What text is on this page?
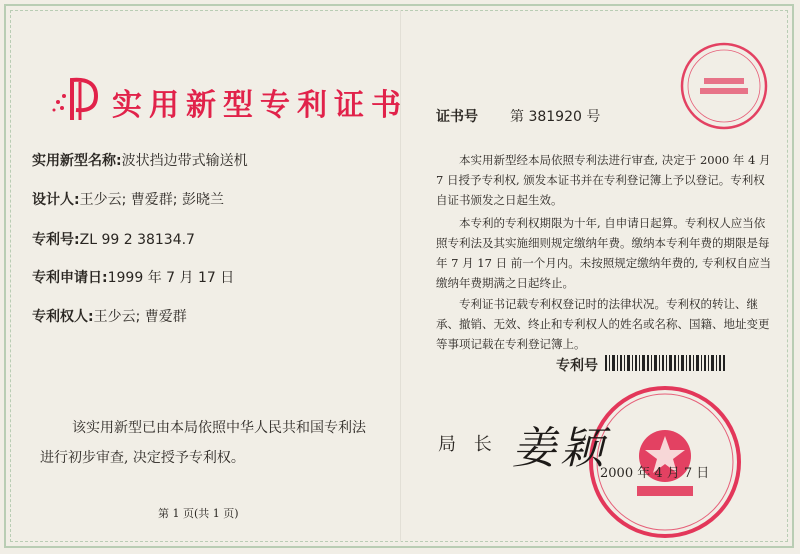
实用新型专利证书
实用新型名称:波状挡边带式输送机
设计人:王少云; 曹爱群; 彭晓兰
专利号:ZL 99 2 38134.7
专利申请日:1999 年 7 月 17 日
专利权人:王少云; 曹爱群
该实用新型已由本局依照中华人民共和国专利法
进行初步审查, 决定授予专利权。
第 1 页(共 1 页)
证书号 第 381920 号
本实用新型经本局依照专利法进行审查, 决定于 2000 年 4 月 7 日授予专利权, 颁发本证书并在专利登记簿上予以登记。专利权自证书颁发之日起生效。
本专利的专利权期限为十年, 自申请日起算。专利权人应当依照专利法及其实施细则规定缴纳年费。缴纳本专利年费的期限是每年 7 月 17 日 前一个月内。未按照规定缴纳年费的, 专利权自应当缴纳年费期满之日起终止。
专利证书记载专利权登记时的法律状况。专利权的转让、继承、撤销、无效、终止和专利权人的姓名或名称、国籍、地址变更等事项记载在专利登记簿上。
专利号
局 长 姜颖
2000 年 4 月 7 日
